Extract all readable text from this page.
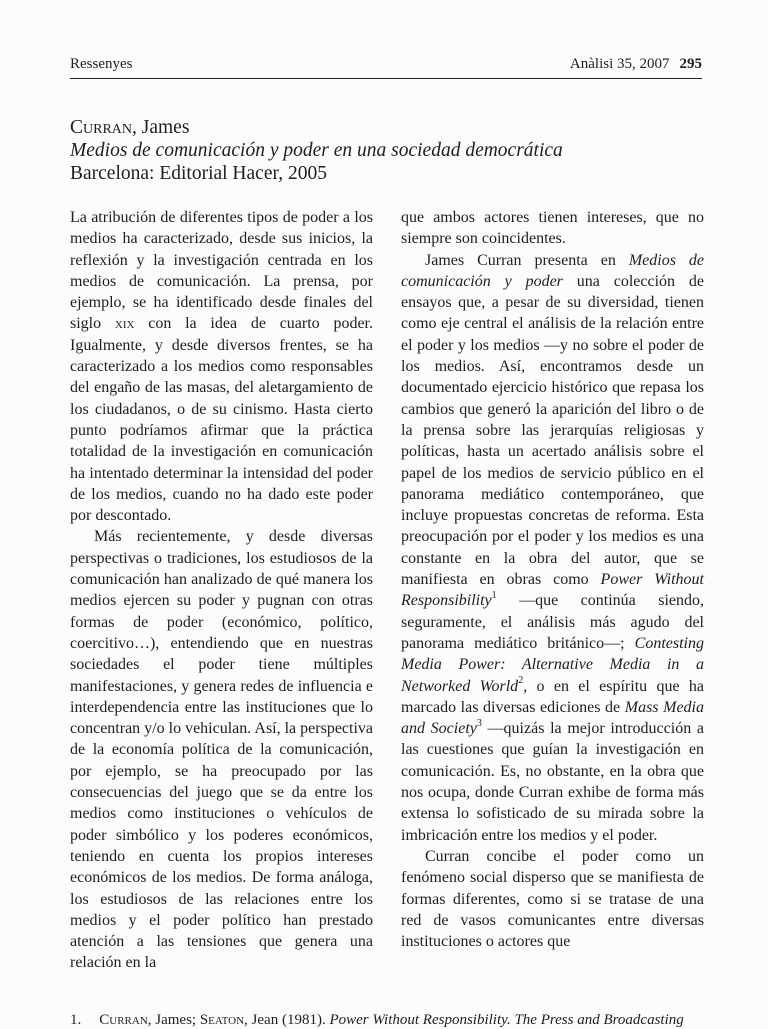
Ressenyes	Anàlisi 35, 2007 295
Curran, James
Medios de comunicación y poder en una sociedad democrática
Barcelona: Editorial Hacer, 2005

La atribución de diferentes tipos de poder a los medios ha caracterizado, desde sus inicios, la reflexión y la investigación centrada en los medios de comunicación. La prensa, por ejemplo, se ha identificado desde finales del siglo xix con la idea de cuarto poder. Igualmente, y desde diversos frentes, se ha caracterizado a los medios como responsables del engaño de las masas, del aletargamiento de los ciudadanos, o de su cinismo. Hasta cierto punto podríamos afirmar que la práctica totalidad de la investigación en comunicación ha intentado determinar la intensidad del poder de los medios, cuando no ha dado este poder por descontado.

Más recientemente, y desde diversas perspectivas o tradiciones, los estudiosos de la comunicación han analizado de qué manera los medios ejercen su poder y pugnan con otras formas de poder (económico, político, coercitivo…), entendiendo que en nuestras sociedades el poder tiene múltiples manifestaciones, y genera redes de influencia e interdependencia entre las instituciones que lo concentran y/o lo vehiculan. Así, la perspectiva de la economía política de la comunicación, por ejemplo, se ha preocupado por las consecuencias del juego que se da entre los medios como instituciones o vehículos de poder simbólico y los poderes económicos, teniendo en cuenta los propios intereses económicos de los medios. De forma análoga, los estudiosos de las relaciones entre los medios y el poder político han prestado atención a las tensiones que genera una relación en la

que ambos actores tienen intereses, que no siempre son coincidentes.

James Curran presenta en Medios de comunicación y poder una colección de ensayos que, a pesar de su diversidad, tienen como eje central el análisis de la relación entre el poder y los medios —y no sobre el poder de los medios. Así, encontramos desde un documentado ejercicio histórico que repasa los cambios que generó la aparición del libro o de la prensa sobre las jerarquías religiosas y políticas, hasta un acertado análisis sobre el papel de los medios de servicio público en el panorama mediático contemporáneo, que incluye propuestas concretas de reforma. Esta preocupación por el poder y los medios es una constante en la obra del autor, que se manifiesta en obras como Power Without Responsibility$^1$ —que continúa siendo, seguramente, el análisis más agudo del panorama mediático británico—; Contesting Media Power: Alternative Media in a Networked World$^2$, o en el espíritu que ha marcado las diversas ediciones de Mass Media and Society$^3$ —quizás la mejor introducción a las cuestiones que guían la investigación en comunicación. Es, no obstante, en la obra que nos ocupa, donde Curran exhibe de forma más extensa lo sofisticado de su mirada sobre la imbricación entre los medios y el poder.

Curran concibe el poder como un fenómeno social disperso que se manifiesta de formas diferentes, como si se tratase de una red de vasos comunicantes entre diversas instituciones o actores que

1. Curran, James; Seaton, Jean (1981). Power Without Responsibility. The Press and Broadcasting
